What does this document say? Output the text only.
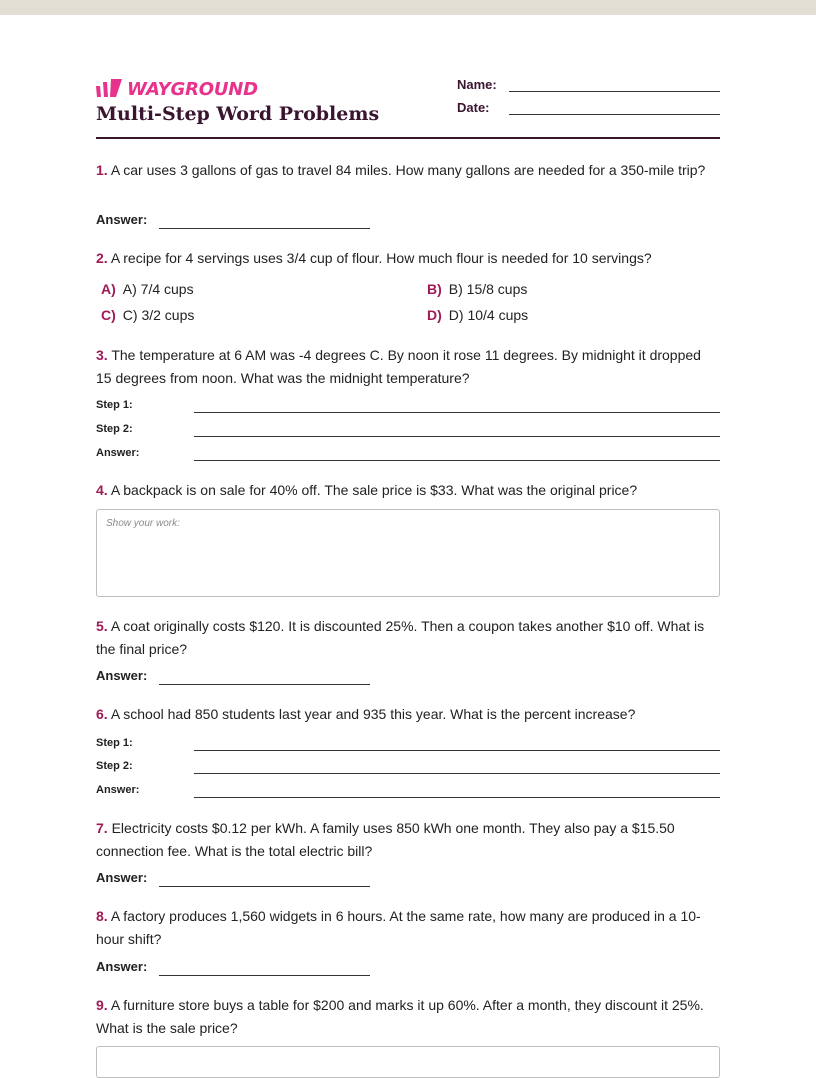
WAYGROUND
Multi-Step Word Problems
Name:
Date:

1. A car uses 3 gallons of gas to travel 84 miles. How many gallons are needed for a 350-mile trip?

Answer:

2. A recipe for 4 servings uses 3/4 cup of flour. How much flour is needed for 10 servings?

A) A) 7/4 cups	B) B) 15/8 cups
C) C) 3/2 cups	D) D) 10/4 cups

3. The temperature at 6 AM was -4 degrees C. By noon it rose 11 degrees. By midnight it dropped 15 degrees from noon. What was the midnight temperature?

Step 1:
Step 2:
Answer:

4. A backpack is on sale for 40% off. The sale price is $33. What was the original price?

Show your work:

5. A coat originally costs $120. It is discounted 25%. Then a coupon takes another $10 off. What is the final price?

Answer:

6. A school had 850 students last year and 935 this year. What is the percent increase?

Step 1:
Step 2:
Answer:

7. Electricity costs $0.12 per kWh. A family uses 850 kWh one month. They also pay a $15.50 connection fee. What is the total electric bill?

Answer:

8. A factory produces 1,560 widgets in 6 hours. At the same rate, how many are produced in a 10-hour shift?

Answer:

9. A furniture store buys a table for $200 and marks it up 60%. After a month, they discount it 25%. What is the sale price?
